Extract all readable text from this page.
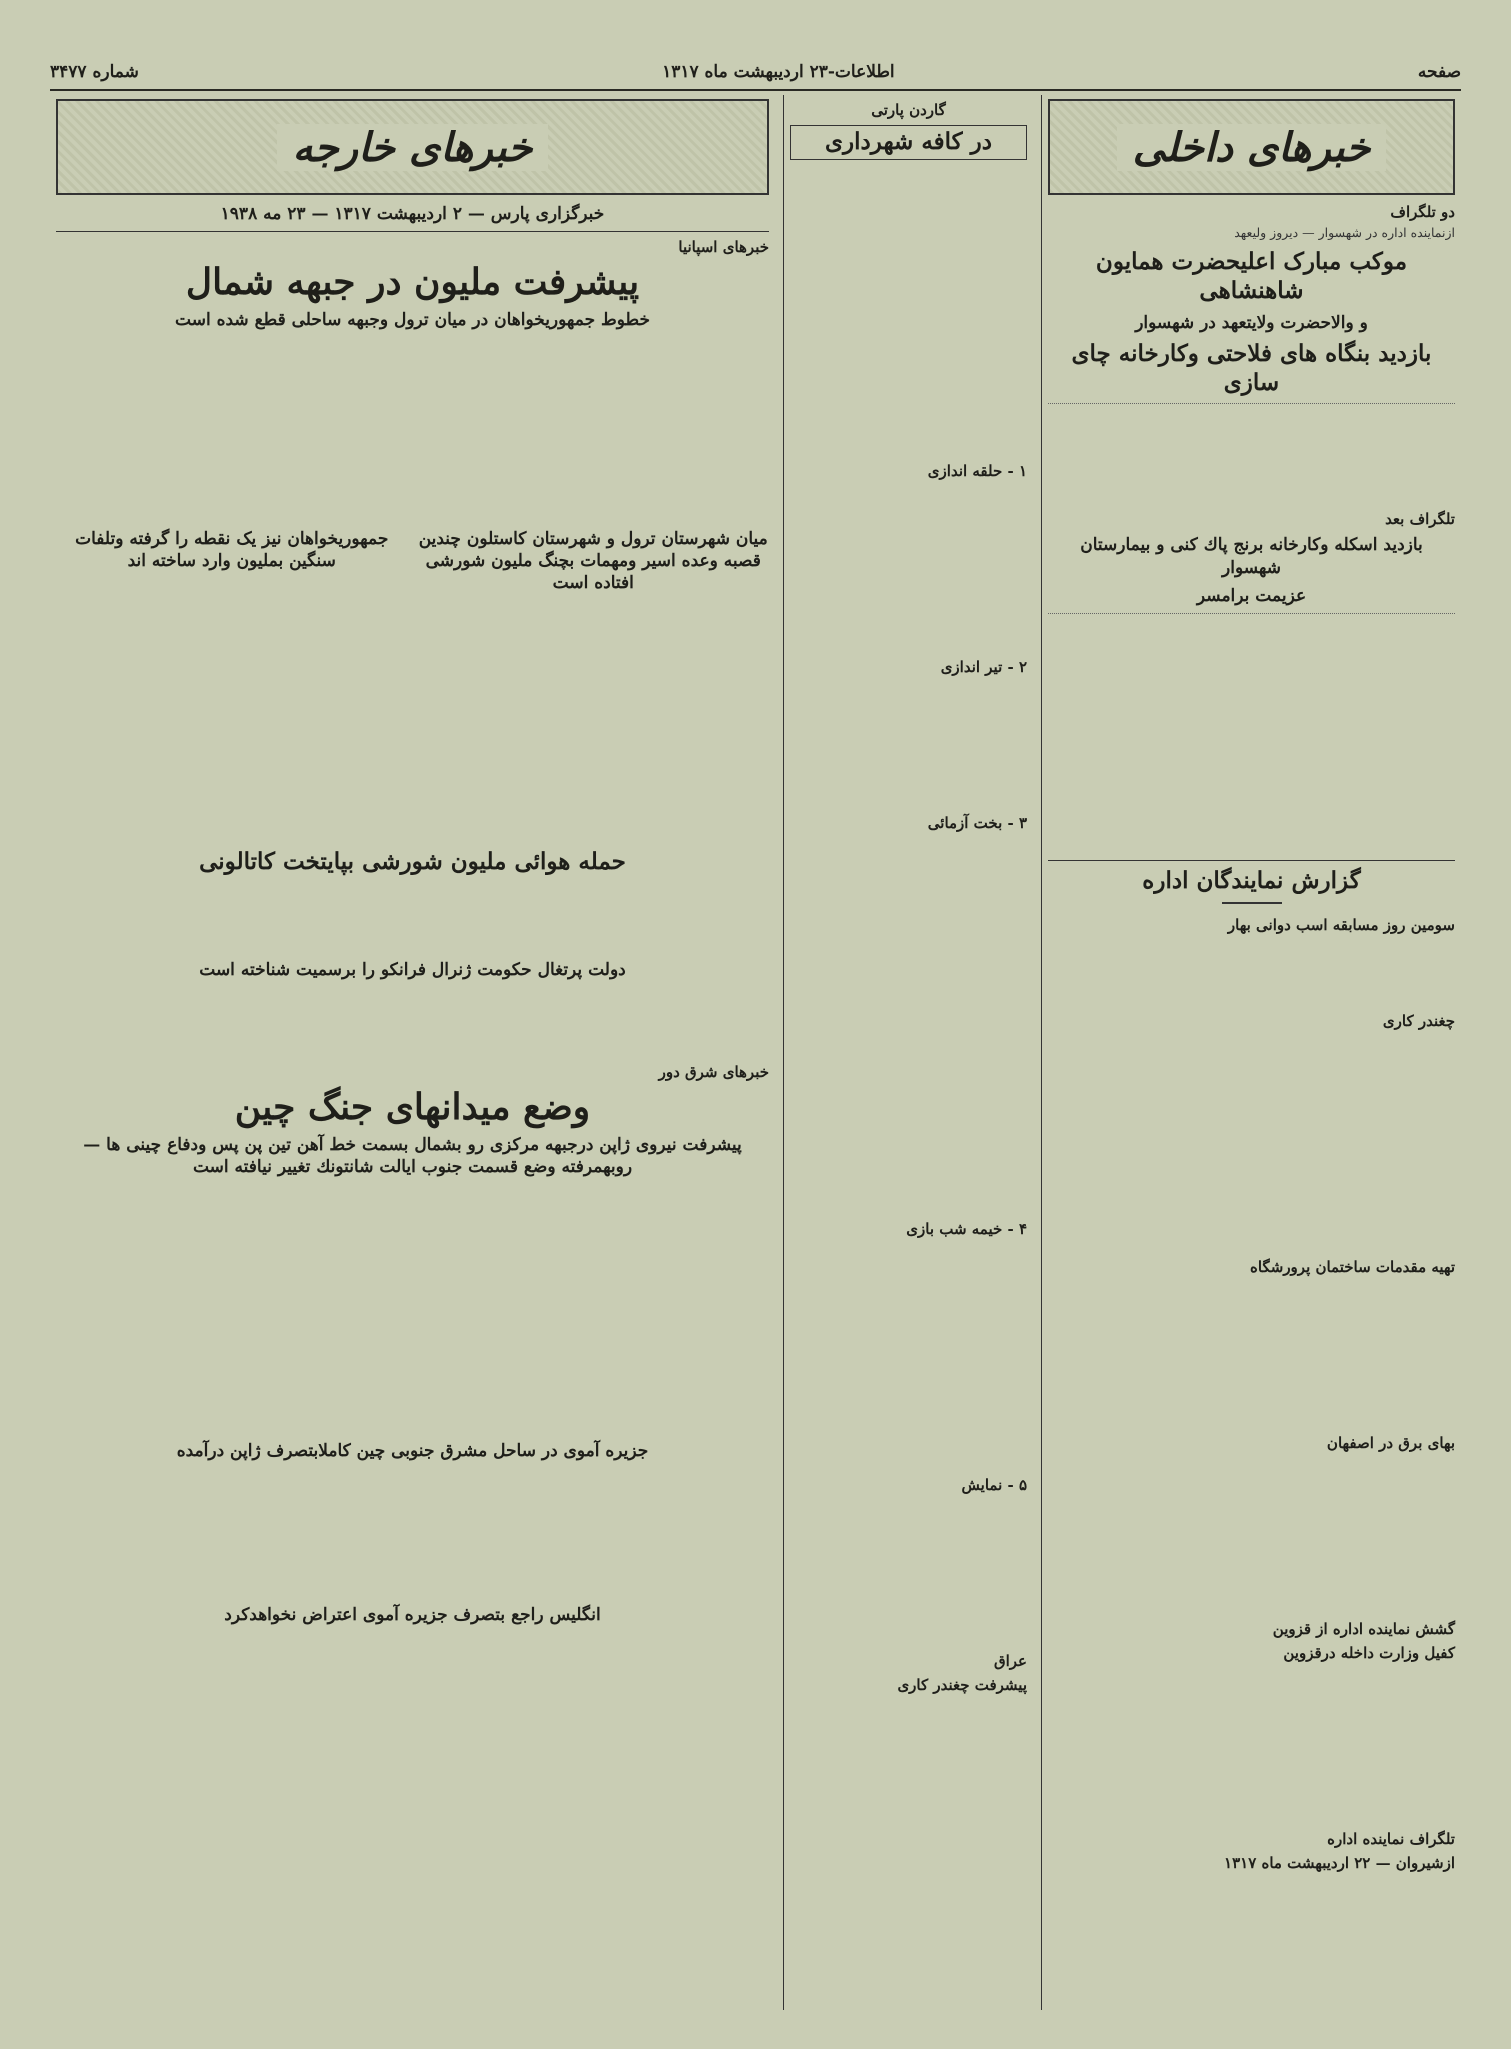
صفحه
اطلاعات-۲۳ اردیبهشت ماه ۱۳۱۷
شماره ۳۴۷۷
خبرهای داخلی
دو تلگراف
ازنماینده اداره در شهسوار — دیروز ولیعهد
موکب مبارک اعلیحضرت همایون شاهنشاهی
و والاحضرت ولایتعهد در شهسوار
بازدید بنگاه های فلاحتی وکارخانه چای سازی
تلگراف بعد
بازدید اسکله وکارخانه برنج پاك کنی و بیمارستان شهسوار
عزیمت برامسر
گزارش نمایندگان اداره
سومین روز مسابقه اسب دوانی بهار
چغندر کاری
تهیه مقدمات ساختمان پرورشگاه
بهای برق در اصفهان
گشش نماینده اداره از قزوین
کفیل وزارت داخله درقزوین
تلگراف نماینده اداره
ازشیروان — ۲۲ اردیبهشت ماه ۱۳۱۷
گاردن پارتی
در کافه شهرداری
۱ - حلقه اندازی
۲ - تیر اندازی
۳ - بخت آزمائی
۴ - خیمه شب بازی
۵ - نمایش
عراق
پیشرفت چغندر کاری
خبرهای خارجه
خبرگزاری پارس — ۲ اردیبهشت ۱۳۱۷ — ۲۳ مه ۱۹۳۸
خبرهای اسپانیا
پیشرفت ملیون در جبهه شمال
خطوط جمهوریخواهان در میان ترول وجبهه ساحلی قطع شده است
میان شهرستان ترول و شهرستان کاستلون چندین قصبه وعده اسیر ومهمات بچنگ ملیون شورشی افتاده است
جمهوریخواهان نیز یک نقطه را گرفته وتلفات سنگین بملیون وارد ساخته اند
حمله هوائی ملیون شورشی بپایتخت کاتالونی
دولت پرتغال حکومت ژنرال فرانکو را برسمیت شناخته است
خبرهای شرق دور
وضع میدانهای جنگ چین
پیشرفت نیروی ژاپن درجبهه مرکزی رو بشمال بسمت خط آهن تین پن پس ودفاع چینی ها — روبهمرفته وضع قسمت جنوب ایالت شانتونك تغییر نیافته است
جزیره آموی در ساحل مشرق جنوبی چین کاملابتصرف ژاپن درآمده
انگلیس راجع بتصرف جزیره آموی اعتراض نخواهدکرد
